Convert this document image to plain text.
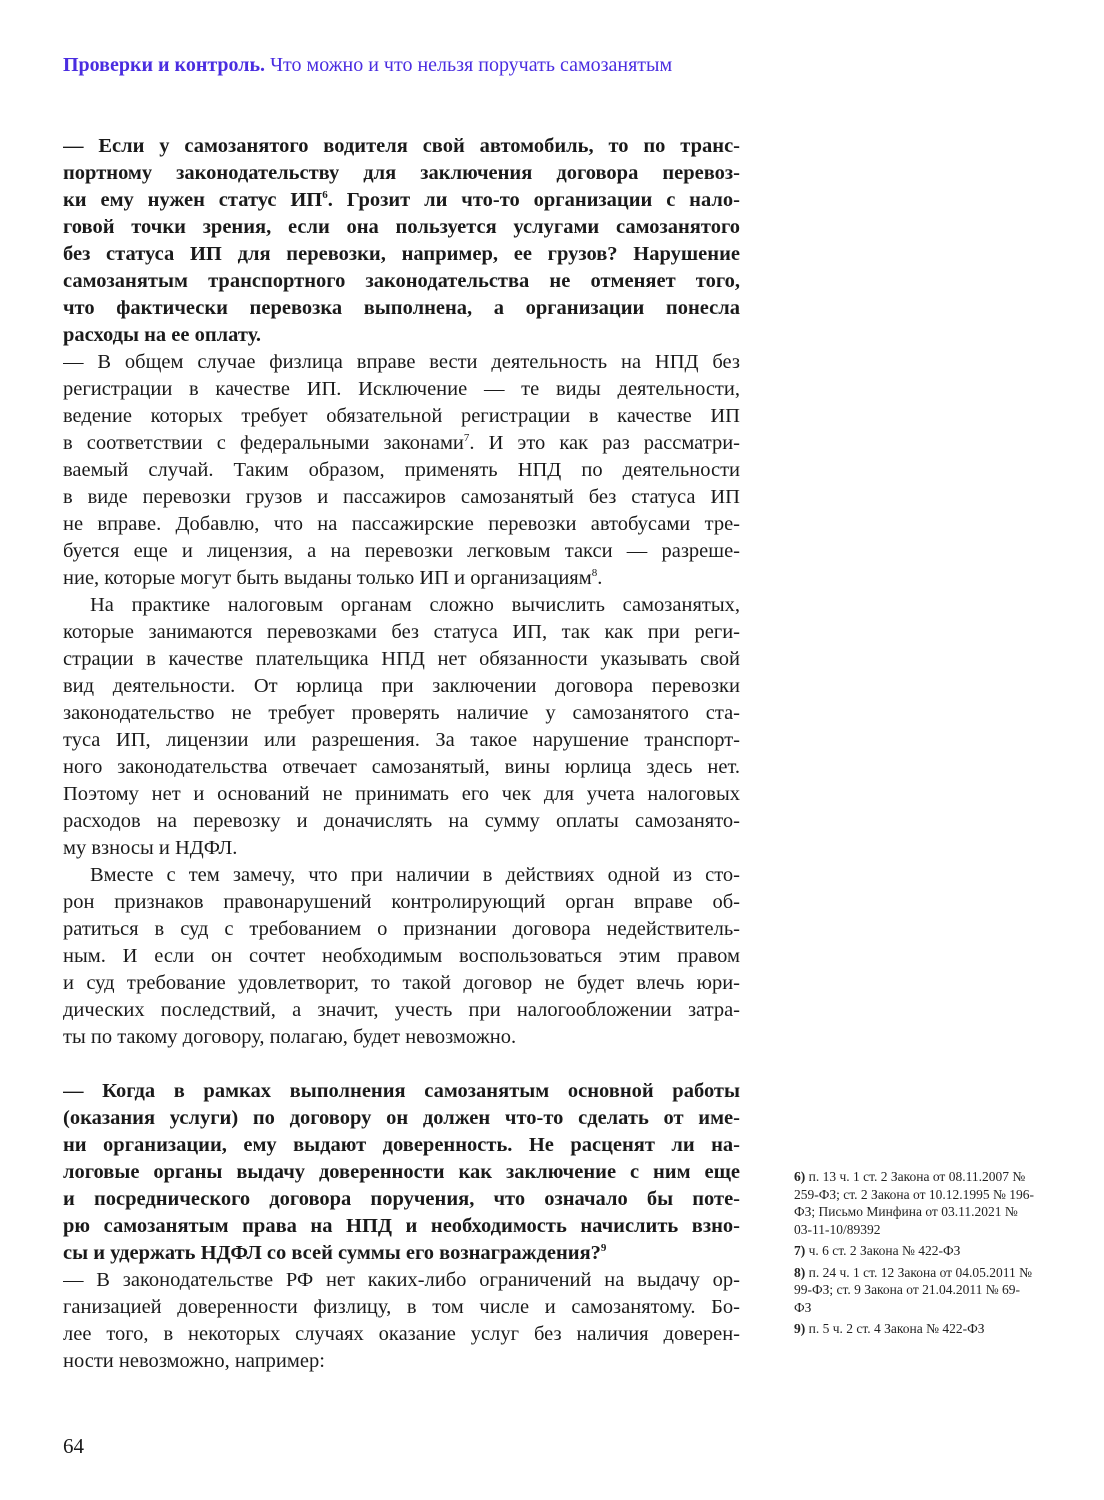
Проверки и контроль. Что можно и что нельзя поручать самозанятым
— Если у самозанятого водителя свой автомобиль, то по транс-
портному законодательству для заключения договора перевоз-
ки ему нужен статус $ИП^6$. Грозит ли что-то организации с нало-
говой точки зрения, если она пользуется услугами самозанятого
без статуса ИП для перевозки, например, ее грузов? Нарушение
самозанятым транспортного законодательства не отменяет того,
что фактически перевозка выполнена, а организации понесла
расходы на ее оплату.
— В общем случае физлица вправе вести деятельность на НПД без
регистрации в качестве ИП. Исключение — те виды деятельности,
ведение которых требует обязательной регистрации в качестве ИП
в соответствии с федеральными законами$^7$. И это как раз рассматри-
ваемый случай. Таким образом, применять НПД по деятельности
в виде перевозки грузов и пассажиров самозанятый без статуса ИП
не вправе. Добавлю, что на пассажирские перевозки автобусами тре-
буется еще и лицензия, а на перевозки легковым такси — разреше-
ние, которые могут быть выданы только ИП и организациям$^8$.
На практике налоговым органам сложно вычислить самозанятых,
которые занимаются перевозками без статуса ИП, так как при реги-
страции в качестве плательщика НПД нет обязанности указывать свой
вид деятельности. От юрлица при заключении договора перевозки
законодательство не требует проверять наличие у самозанятого ста-
туса ИП, лицензии или разрешения. За такое нарушение транспорт-
ного законодательства отвечает самозанятый, вины юрлица здесь нет.
Поэтому нет и оснований не принимать его чек для учета налоговых
расходов на перевозку и доначислять на сумму оплаты самозанято-
му взносы и НДФЛ.
Вместе с тем замечу, что при наличии в действиях одной из сто-
рон признаков правонарушений контролирующий орган вправе об-
ратиться в суд с требованием о признании договора недействитель-
ным. И если он сочтет необходимым воспользоваться этим правом
и суд требование удовлетворит, то такой договор не будет влечь юри-
дических последствий, а значит, учесть при налогообложении затра-
ты по такому договору, полагаю, будет невозможно.
— Когда в рамках выполнения самозанятым основной работы
(оказания услуги) по договору он должен что-то сделать от име-
ни организации, ему выдают доверенность. Не расценят ли на-
логовые органы выдачу доверенности как заключение с ним еще
и посреднического договора поручения, что означало бы поте-
рю самозанятым права на НПД и необходимость начислить взно-
сы и удержать НДФЛ со всей суммы его вознаграждения?$^9$
— В законодательстве РФ нет каких-либо ограничений на выдачу ор-
ганизацией доверенности физлицу, в том числе и самозанятому. Бо-
лее того, в некоторых случаях оказание услуг без наличия доверен-
ности невозможно, например:
6) п. 13 ч. 1 ст. 2 Закона от 08.11.2007 № 259-ФЗ; ст. 2 Закона от 10.12.1995 № 196-ФЗ; Письмо Минфина от 03.11.2021 № 03-11-10/89392
7) ч. 6 ст. 2 Закона № 422-ФЗ
8) п. 24 ч. 1 ст. 12 Закона от 04.05.2011 № 99-ФЗ; ст. 9 Закона от 21.04.2011 № 69-ФЗ
9) п. 5 ч. 2 ст. 4 Закона № 422-ФЗ
64
